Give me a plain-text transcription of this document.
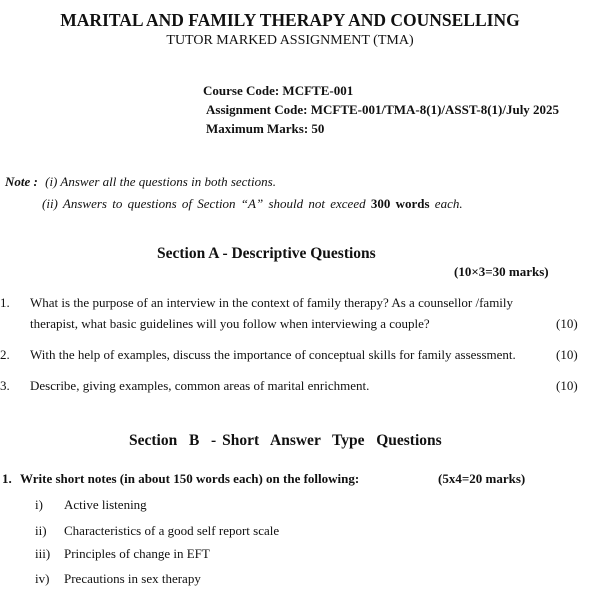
MARITAL AND FAMILY THERAPY AND COUNSELLING
TUTOR MARKED ASSIGNMENT (TMA)
Course Code: MCFTE-001
Assignment Code: MCFTE-001/TMA-8(1)/ASST-8(1)/July 2025
Maximum Marks: 50
Note : (i) Answer all the questions in both sections.
(ii) Answers to questions of Section “A” should not exceed 300 words each.
Section A - Descriptive Questions
(10×3=30 marks)
1. What is the purpose of an interview in the context of family therapy? As a counsellor /family
therapist, what basic guidelines will you follow when interviewing a couple?	(10)
2. With the help of examples, discuss the importance of conceptual skills for family assessment.	(10)
3. Describe, giving examples, common areas of marital enrichment.	(10)
Section  B  - Short  Answer  Type  Questions
1. Write short notes (in about 150 words each) on the following:	(5x4=20 marks)
i) Active listening
ii) Characteristics of a good self report scale
iii) Principles of change in EFT
iv) Precautions in sex therapy
